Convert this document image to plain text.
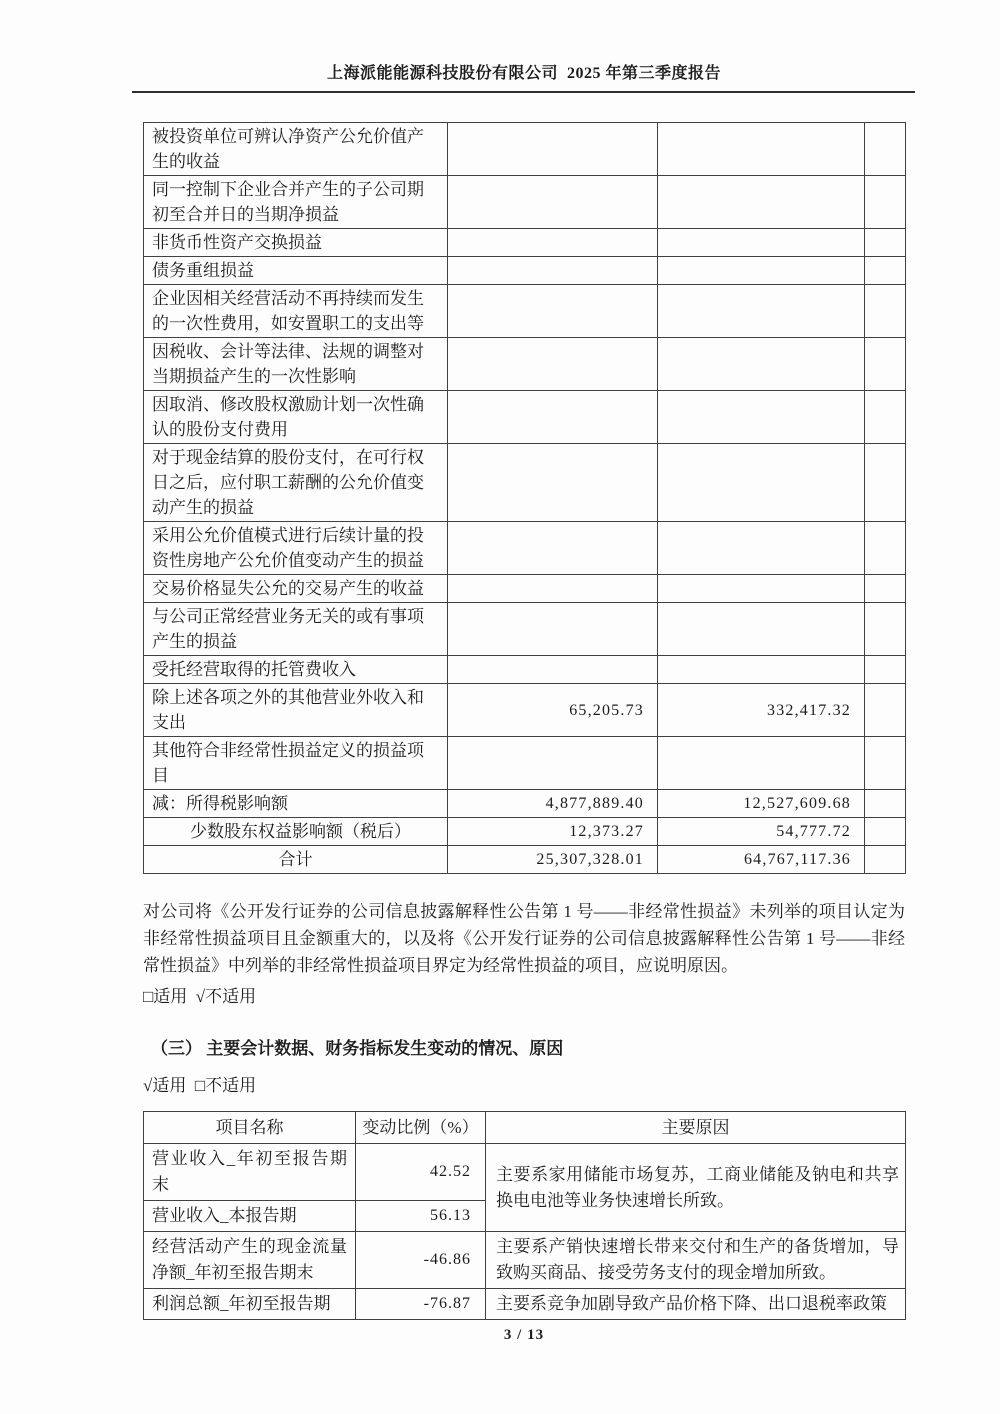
上海派能能源科技股份有限公司  2025 年第三季度报告
被投资单位可辨认净资产公允价值产生的收益			
同一控制下企业合并产生的子公司期初至合并日的当期净损益			
非货币性资产交换损益			
债务重组损益			
企业因相关经营活动不再持续而发生的一次性费用，如安置职工的支出等			
因税收、会计等法律、法规的调整对当期损益产生的一次性影响			
因取消、修改股权激励计划一次性确认的股份支付费用			
对于现金结算的股份支付，在可行权日之后，应付职工薪酬的公允价值变动产生的损益			
采用公允价值模式进行后续计量的投资性房地产公允价值变动产生的损益			
交易价格显失公允的交易产生的收益			
与公司正常经营业务无关的或有事项产生的损益			
受托经营取得的托管费收入			
除上述各项之外的其他营业外收入和支出	65,205.73	332,417.32	
其他符合非经常性损益定义的损益项目			
减：所得税影响额	4,877,889.40	12,527,609.68	
少数股东权益影响额（税后）	12,373.27	54,777.72	
合计	25,307,328.01	64,767,117.36	

对公司将《公开发行证券的公司信息披露解释性公告第 1 号——非经常性损益》未列举的项目认定为非经常性损益项目且金额重大的，以及将《公开发行证券的公司信息披露解释性公告第 1 号——非经常性损益》中列举的非经常性损益项目界定为经常性损益的项目，应说明原因。

□适用  √不适用

（三） 主要会计数据、财务指标发生变动的情况、原因

√适用  □不适用

项目名称	变动比例（%）	主要原因
营业收入_年初至报告期末	42.52	主要系家用储能市场复苏，工商业储能及钠电和共享换电电池等业务快速增长所致。
营业收入_本报告期	56.13	
经营活动产生的现金流量净额_年初至报告期末	-46.86	主要系产销快速增长带来交付和生产的备货增加，导致购买商品、接受劳务支付的现金增加所致。
利润总额_年初至报告期	-76.87	主要系竞争加剧导致产品价格下降、出口退税率政策
3 / 13
